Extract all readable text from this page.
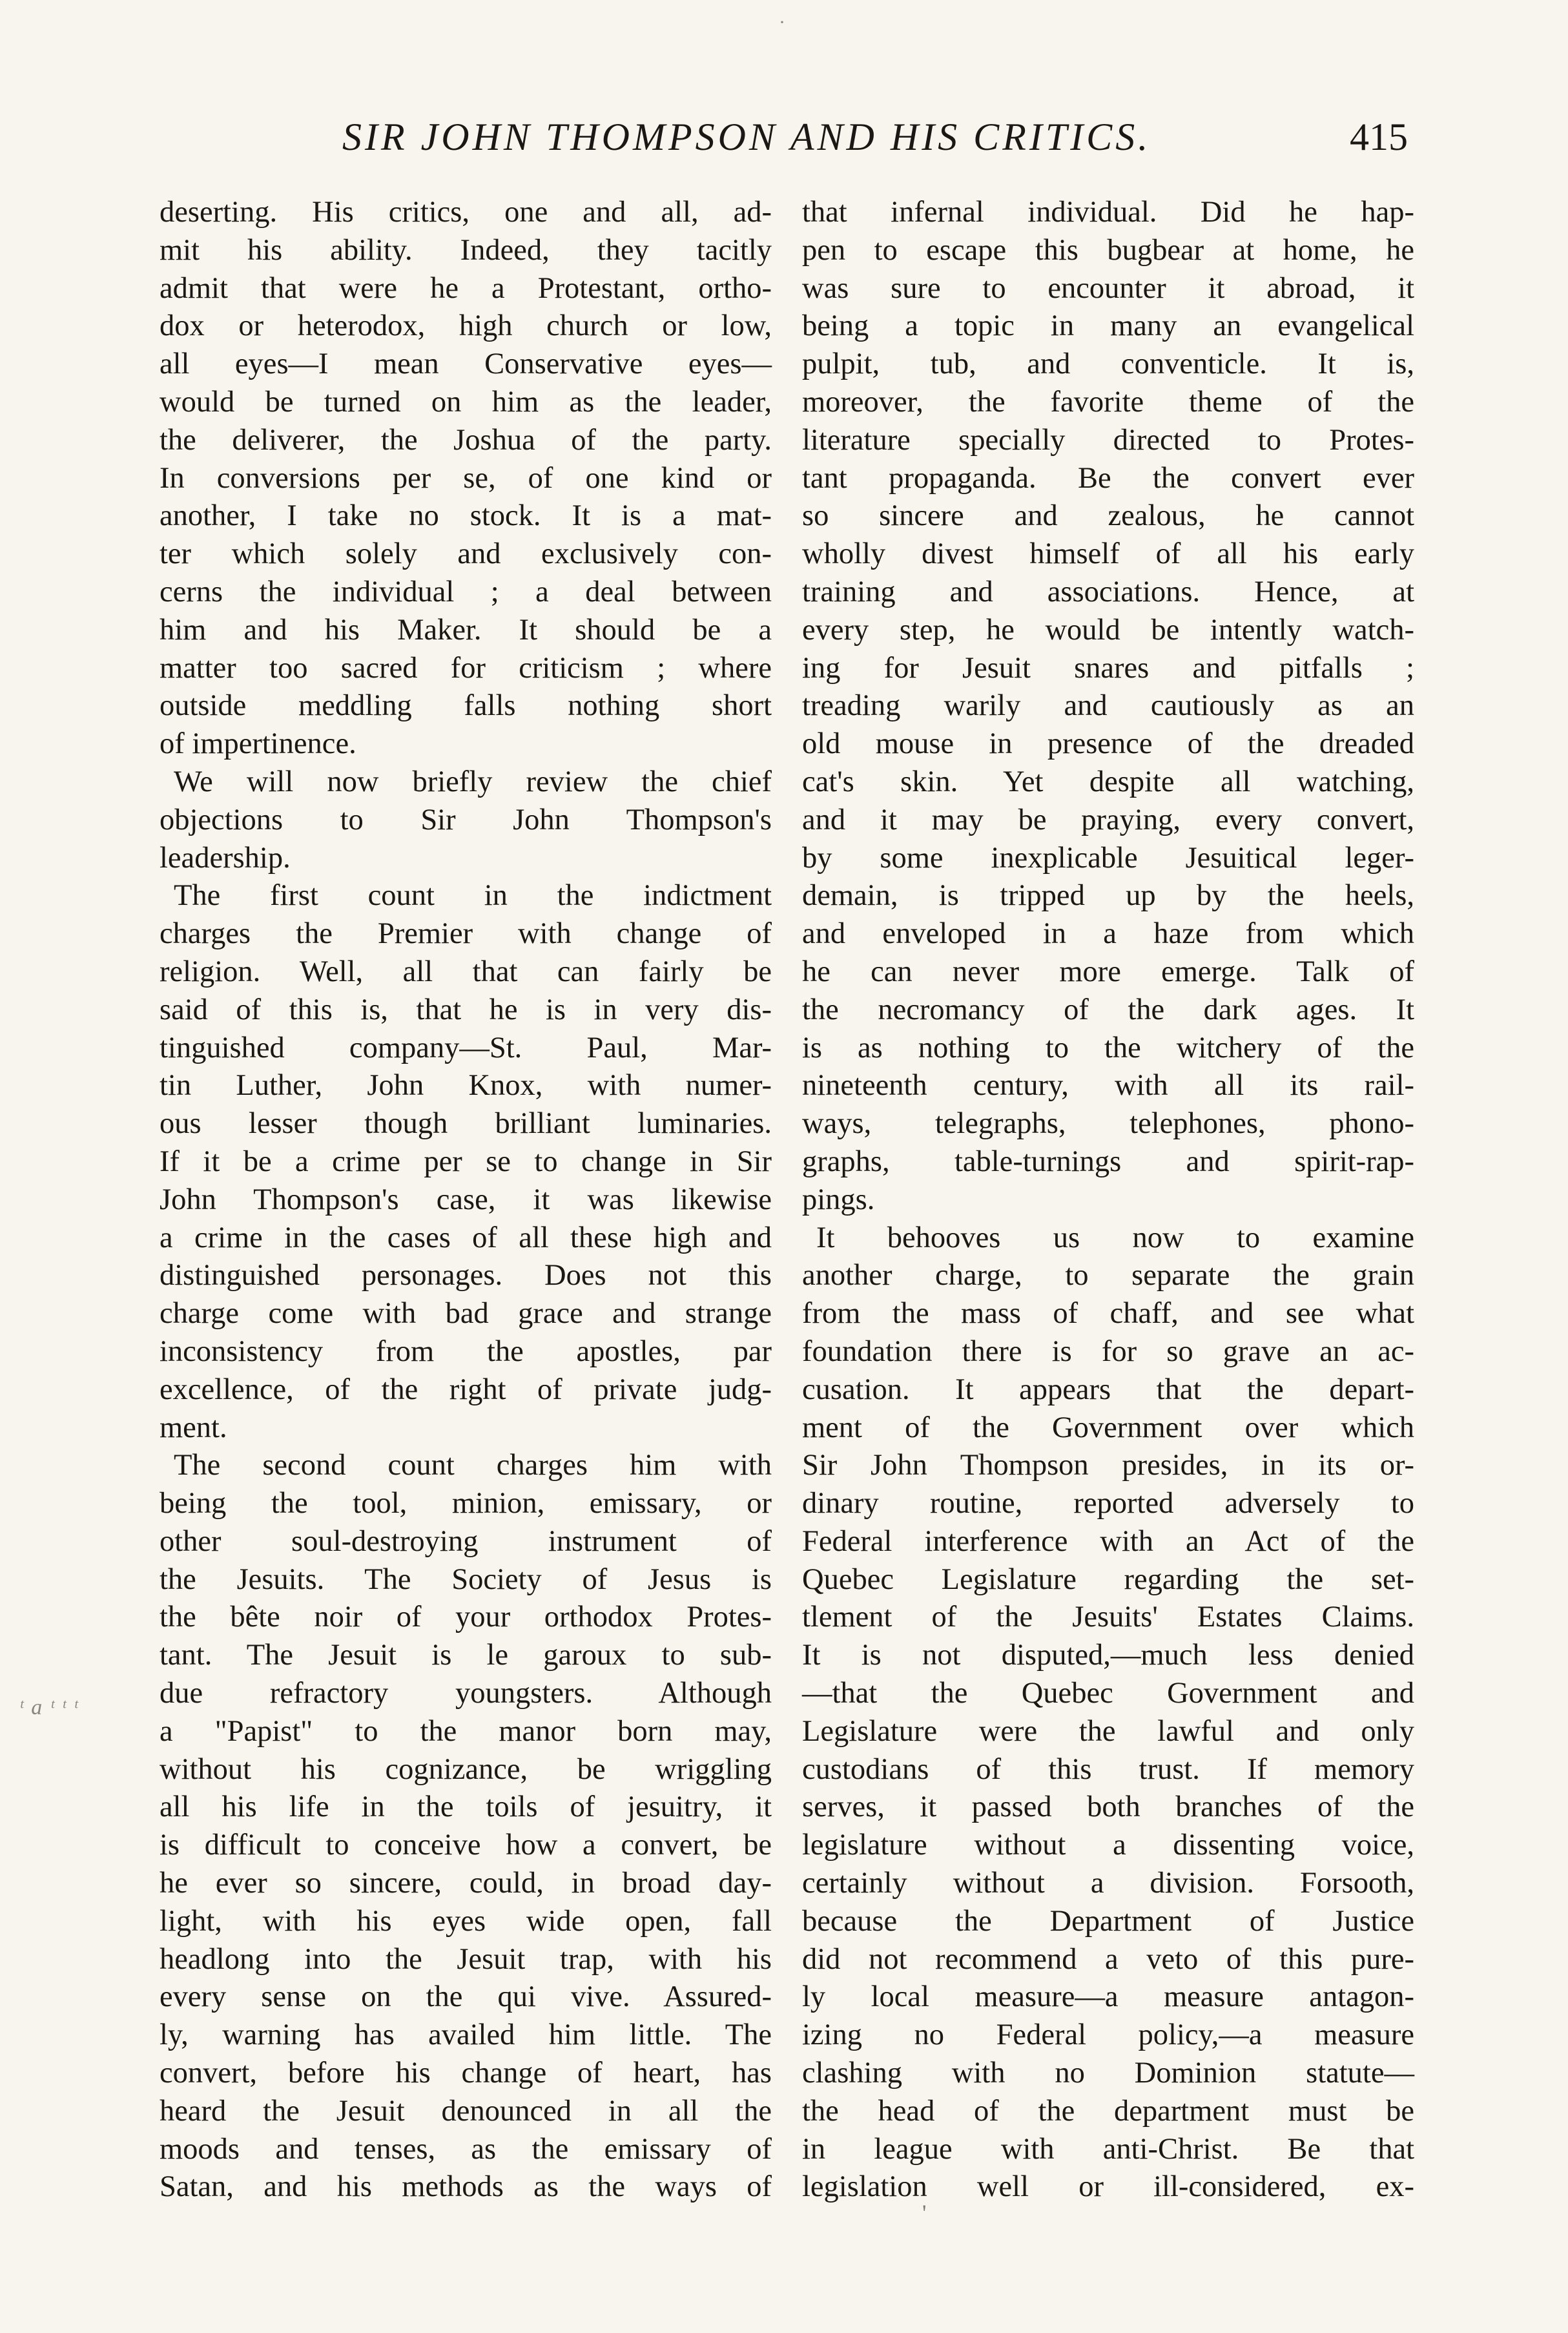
·
SIR JOHN THOMPSON AND HIS CRITICS.	415
deserting. His critics, one and all, ad-
mit his ability. Indeed, they tacitly
admit that were he a Protestant, ortho-
dox or heterodox, high church or low,
all eyes—I mean Conservative eyes—
would be turned on him as the leader,
the deliverer, the Joshua of the party.
In conversions per se, of one kind or
another, I take no stock. It is a mat-
ter which solely and exclusively con-
cerns the individual ; a deal between
him and his Maker. It should be a
matter too sacred for criticism ; where
outside meddling falls nothing short
of impertinence.
We will now briefly review the chief
objections to Sir John Thompson's
leadership.
The first count in the indictment
charges the Premier with change of
religion. Well, all that can fairly be
said of this is, that he is in very dis-
tinguished company—St. Paul, Mar-
tin Luther, John Knox, with numer-
ous lesser though brilliant luminaries.
If it be a crime per se to change in Sir
John Thompson's case, it was likewise
a crime in the cases of all these high and
distinguished personages. Does not this
charge come with bad grace and strange
inconsistency from the apostles, par
excellence, of the right of private judg-
ment.
The second count charges him with
being the tool, minion, emissary, or
other soul-destroying instrument of
the Jesuits. The Society of Jesus is
the bête noir of your orthodox Protes-
tant. The Jesuit is le garoux to sub-
due refractory youngsters. Although
a "Papist" to the manor born may,
without his cognizance, be wriggling
all his life in the toils of jesuitry, it
is difficult to conceive how a convert, be
he ever so sincere, could, in broad day-
light, with his eyes wide open, fall
headlong into the Jesuit trap, with his
every sense on the qui vive. Assured-
ly, warning has availed him little. The
convert, before his change of heart, has
heard the Jesuit denounced in all the
moods and tenses, as the emissary of
Satan, and his methods as the ways of
that infernal individual. Did he hap-
pen to escape this bugbear at home, he
was sure to encounter it abroad, it
being a topic in many an evangelical
pulpit, tub, and conventicle. It is,
moreover, the favorite theme of the
literature specially directed to Protes-
tant propaganda. Be the convert ever
so sincere and zealous, he cannot
wholly divest himself of all his early
training and associations. Hence, at
every step, he would be intently watch-
ing for Jesuit snares and pitfalls ;
treading warily and cautiously as an
old mouse in presence of the dreaded
cat's skin. Yet despite all watching,
and it may be praying, every convert,
by some inexplicable Jesuitical leger-
demain, is tripped up by the heels,
and enveloped in a haze from which
he can never more emerge. Talk of
the necromancy of the dark ages. It
is as nothing to the witchery of the
nineteenth century, with all its rail-
ways, telegraphs, telephones, phono-
graphs, table-turnings and spirit-rap-
pings.
It behooves us now to examine
another charge, to separate the grain
from the mass of chaff, and see what
foundation there is for so grave an ac-
cusation. It appears that the depart-
ment of the Government over which
Sir John Thompson presides, in its or-
dinary routine, reported adversely to
Federal interference with an Act of the
Quebec Legislature regarding the set-
tlement of the Jesuits' Estates Claims.
It is not disputed,—much less denied
—that the Quebec Government and
Legislature were the lawful and only
custodians of this trust. If memory
serves, it passed both branches of the
legislature without a dissenting voice,
certainly without a division. Forsooth,
because the Department of Justice
did not recommend a veto of this pure-
ly local measure—a measure antagon-
izing no Federal policy,—a measure
clashing with no Dominion statute—
the head of the department must be
in league with anti-Christ. Be that
legislation well or ill-considered, ex-
ᵗ a ᵗ ᵗ ᵗ
'
